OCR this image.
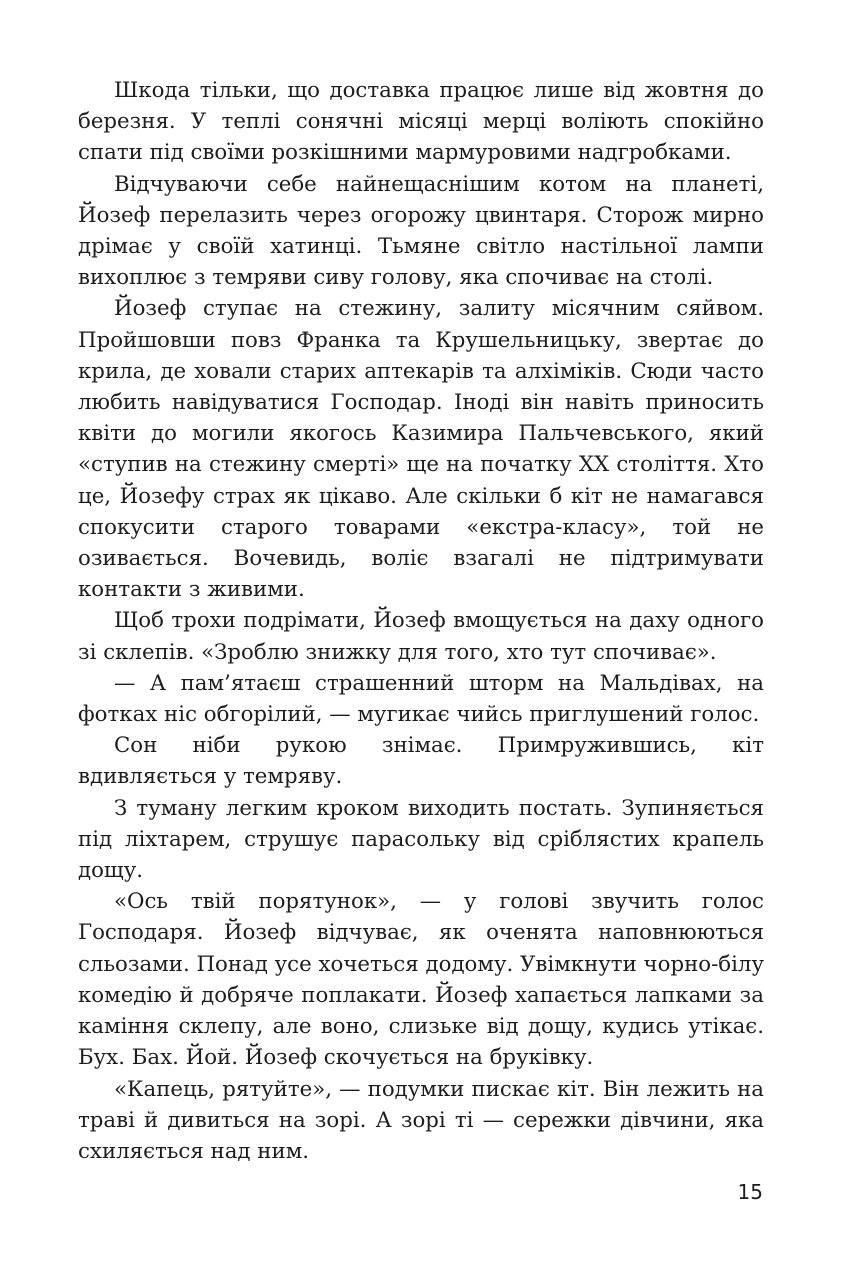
Шкода тільки, що доставка працює лише від жовтня до березня. У теплі сонячні місяці мерці воліють спокійно спати під своїми розкішними мармуровими надгробками.

Відчуваючи себе найнещаснішим котом на планеті, Йозеф перелазить через огорожу цвинтаря. Сторож мирно дрімає у своїй хатинці. Тьмяне світло настільної лампи вихоплює з темряви сиву голову, яка спочиває на столі.

Йозеф ступає на стежину, залиту місячним сяйвом. Пройшовши повз Франка та Крушельницьку, звертає до крила, де ховали старих аптекарів та алхіміків. Сюди часто любить навідуватися Господар. Іноді він навіть приносить квіти до могили якогось Казимира Пальчевського, який «ступив на стежину смерті» ще на початку ХХ століття. Хто це, Йозефу страх як цікаво. Але скільки б кіт не намагався спокусити старого товарами «екстра-класу», той не озивається. Вочевидь, воліє взагалі не підтримувати контакти з живими.

Щоб трохи подрімати, Йозеф вмощується на даху одного зі склепів. «Зроблю знижку для того, хто тут спочиває».

— А пам’ятаєш страшенний шторм на Мальдівах, на фотках ніс обгорілий, — мугикає чийсь приглушений голос.

Сон ніби рукою знімає. Примружившись, кіт вдивляється у темряву.

З туману легким кроком виходить постать. Зупиняється під ліхтарем, струшує парасольку від сріблястих крапель дощу.

«Ось твій порятунок», — у голові звучить голос Господаря. Йозеф відчуває, як оченята наповнюються сльозами. Понад усе хочеться додому. Увімкнути чорно-білу комедію й добряче поплакати. Йозеф хапається лапками за каміння склепу, але воно, слизьке від дощу, кудись утікає. Бух. Бах. Йой. Йозеф скочується на бруківку.

«Капець, рятуйте», — подумки пискає кіт. Він лежить на траві й дивиться на зорі. А зорі ті — сережки дівчини, яка схиляється над ним.

15
